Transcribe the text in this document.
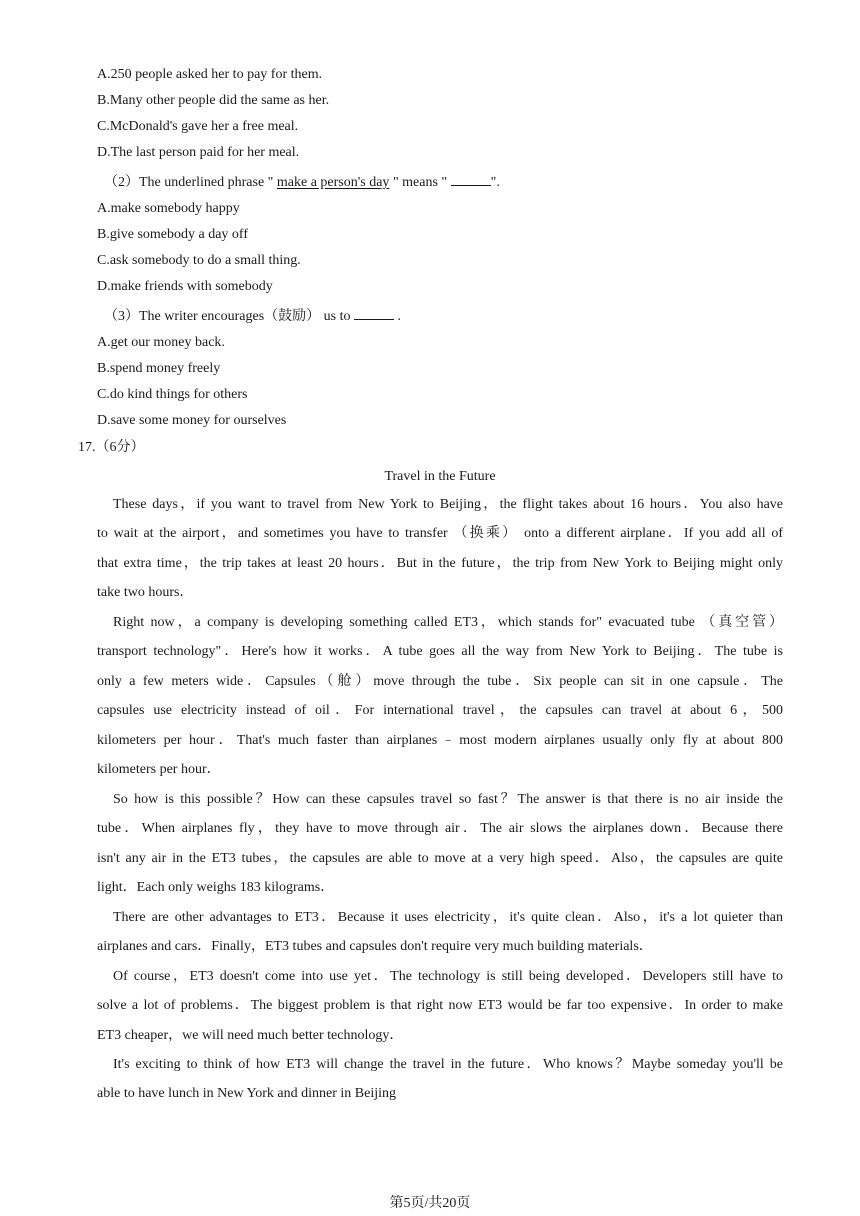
A.250 people asked her to pay for them.
B.Many other people did the same as her.
C.McDonald's gave her a free meal.
D.The last person paid for her meal.
（2）The underlined phrase " make a person's day " means "	".
A.make somebody happy
B.give somebody a day off
C.ask somebody to do a small thing.
D.make friends with somebody
（3）The writer encourages（鼓励） us to	.
A.get our money back.
B.spend money freely
C.do kind things for others
D.save some money for ourselves
17.（6分）
Travel in the Future
These days，if you want to travel from New York to Beijing，the flight takes about 16 hours．You also have
to wait at the airport，and sometimes you have to transfer （换乘） onto a different airplane．If you add all of
that extra time，the trip takes at least 20 hours．But in the future，the trip from New York to Beijing might only
take two hours．
Right now，a company is developing something called ET3，which stands for" evacuated tube （真空管）
transport technology"．Here's how it works．A tube goes all the way from New York to Beijing．The tube is
only a few meters wide．Capsules（舱）move through the tube．Six people can sit in one capsule．The
capsules use electricity instead of oil．For international travel，the capsules can travel at about 6，500
kilometers per hour．That's much faster than airplanes﹣most modern airplanes usually only fly at about 800
kilometers per hour．
So how is this possible？How can these capsules travel so fast？The answer is that there is no air inside the
tube．When airplanes fly，they have to move through air．The air slows the airplanes down．Because there
isn't any air in the ET3 tubes，the capsules are able to move at a very high speed．Also，the capsules are quite
light．Each only weighs 183 kilograms．
There are other advantages to ET3．Because it uses electricity，it's quite clean．Also，it's a lot quieter than
airplanes and cars．Finally，ET3 tubes and capsules don't require very much building materials．
Of course，ET3 doesn't come into use yet．The technology is still being developed．Developers still have to
solve a lot of problems．The biggest problem is that right now ET3 would be far too expensive．In order to make
ET3 cheaper，we will need much better technology．
It's exciting to think of how ET3 will change the travel in the future．Who knows？Maybe someday you'll be
able to have lunch in New York and dinner in Beijing
第5页/共20页
